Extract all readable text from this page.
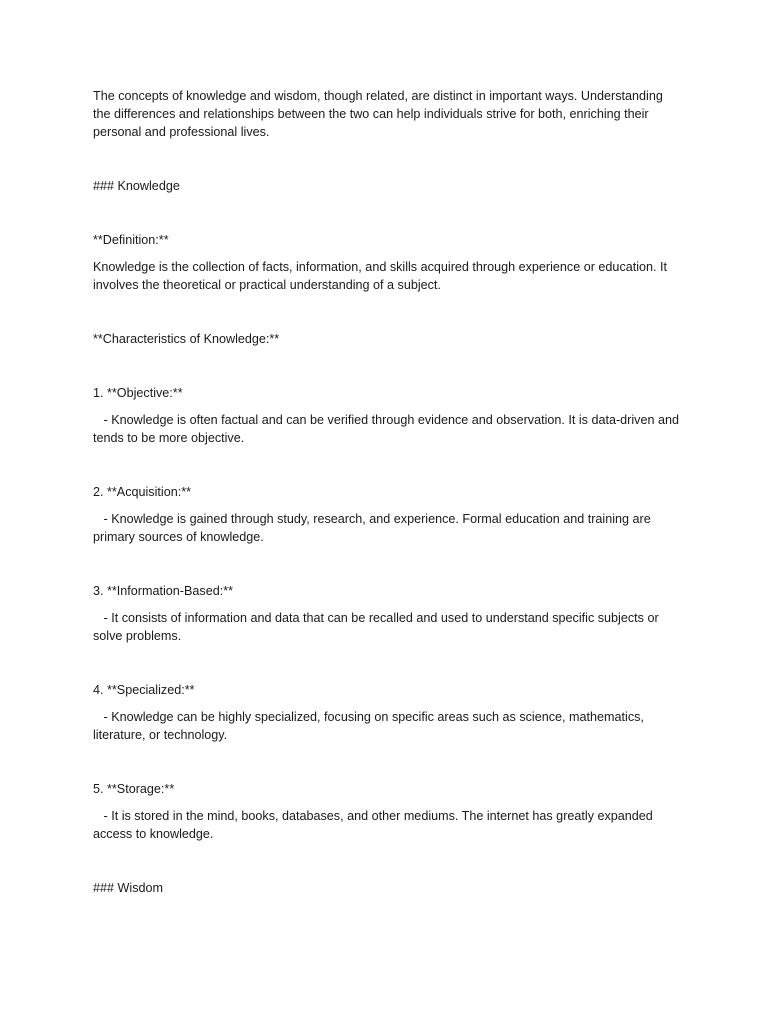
The concepts of knowledge and wisdom, though related, are distinct in important ways. Understanding the differences and relationships between the two can help individuals strive for both, enriching their personal and professional lives.

### Knowledge

**Definition:**

Knowledge is the collection of facts, information, and skills acquired through experience or education. It involves the theoretical or practical understanding of a subject.

**Characteristics of Knowledge:**

1. **Objective:**

- Knowledge is often factual and can be verified through evidence and observation. It is data-driven and tends to be more objective.

2. **Acquisition:**

- Knowledge is gained through study, research, and experience. Formal education and training are primary sources of knowledge.

3. **Information-Based:**

- It consists of information and data that can be recalled and used to understand specific subjects or solve problems.

4. **Specialized:**

- Knowledge can be highly specialized, focusing on specific areas such as science, mathematics, literature, or technology.

5. **Storage:**

- It is stored in the mind, books, databases, and other mediums. The internet has greatly expanded access to knowledge.

### Wisdom
